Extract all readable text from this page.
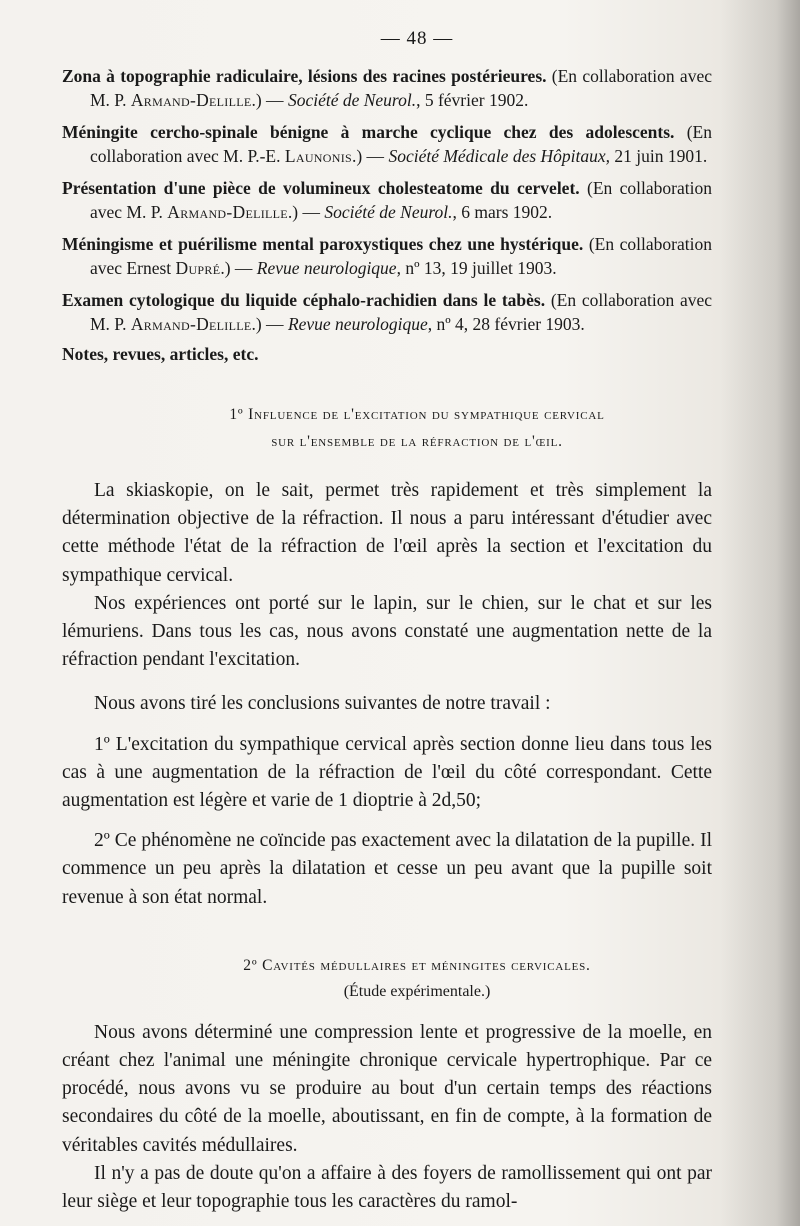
— 48 —
Zona à topographie radiculaire, lésions des racines postérieures. (En collaboration avec M. P. Armand-Delille.) — Société de Neurol., 5 février 1902.
Méningite cercho-spinale bénigne à marche cyclique chez des adolescents. (En collaboration avec M. P.-E. Launonis.) — Société Médicale des Hôpitaux, 21 juin 1901.
Présentation d'une pièce de volumineux cholesteatome du cervelet. (En collaboration avec M. P. Armand-Delille.) — Société de Neurol., 6 mars 1902.
Méningisme et puérilisme mental paroxystiques chez une hystérique. (En collaboration avec Ernest Dupré.) — Revue neurologique, nº 13, 19 juillet 1903.
Examen cytologique du liquide céphalo-rachidien dans le tabès. (En collaboration avec M. P. Armand-Delille.) — Revue neurologique, nº 4, 28 février 1903.
Notes, revues, articles, etc.
1º Influence de l'excitation du sympathique cervical
sur l'ensemble de la réfraction de l'œil.

La skiaskopie, on le sait, permet très rapidement et très simplement la détermination objective de la réfraction. Il nous a paru intéressant d'étudier avec cette méthode l'état de la réfraction de l'œil après la section et l'excitation du sympathique cervical.

Nos expériences ont porté sur le lapin, sur le chien, sur le chat et sur les lémuriens. Dans tous les cas, nous avons constaté une augmentation nette de la réfraction pendant l'excitation.

Nous avons tiré les conclusions suivantes de notre travail :

1º L'excitation du sympathique cervical après section donne lieu dans tous les cas à une augmentation de la réfraction de l'œil du côté correspondant. Cette augmentation est légère et varie de 1 dioptrie à 2d,50;

2º Ce phénomène ne coïncide pas exactement avec la dilatation de la pupille. Il commence un peu après la dilatation et cesse un peu avant que la pupille soit revenue à son état normal.

2º Cavités médullaires et méningites cervicales.
(Étude expérimentale.)

Nous avons déterminé une compression lente et progressive de la moelle, en créant chez l'animal une méningite chronique cervicale hypertrophique. Par ce procédé, nous avons vu se produire au bout d'un certain temps des réactions secondaires du côté de la moelle, aboutissant, en fin de compte, à la formation de véritables cavités médullaires.

Il n'y a pas de doute qu'on a affaire à des foyers de ramollissement qui ont par leur siège et leur topographie tous les caractères du ramol-
